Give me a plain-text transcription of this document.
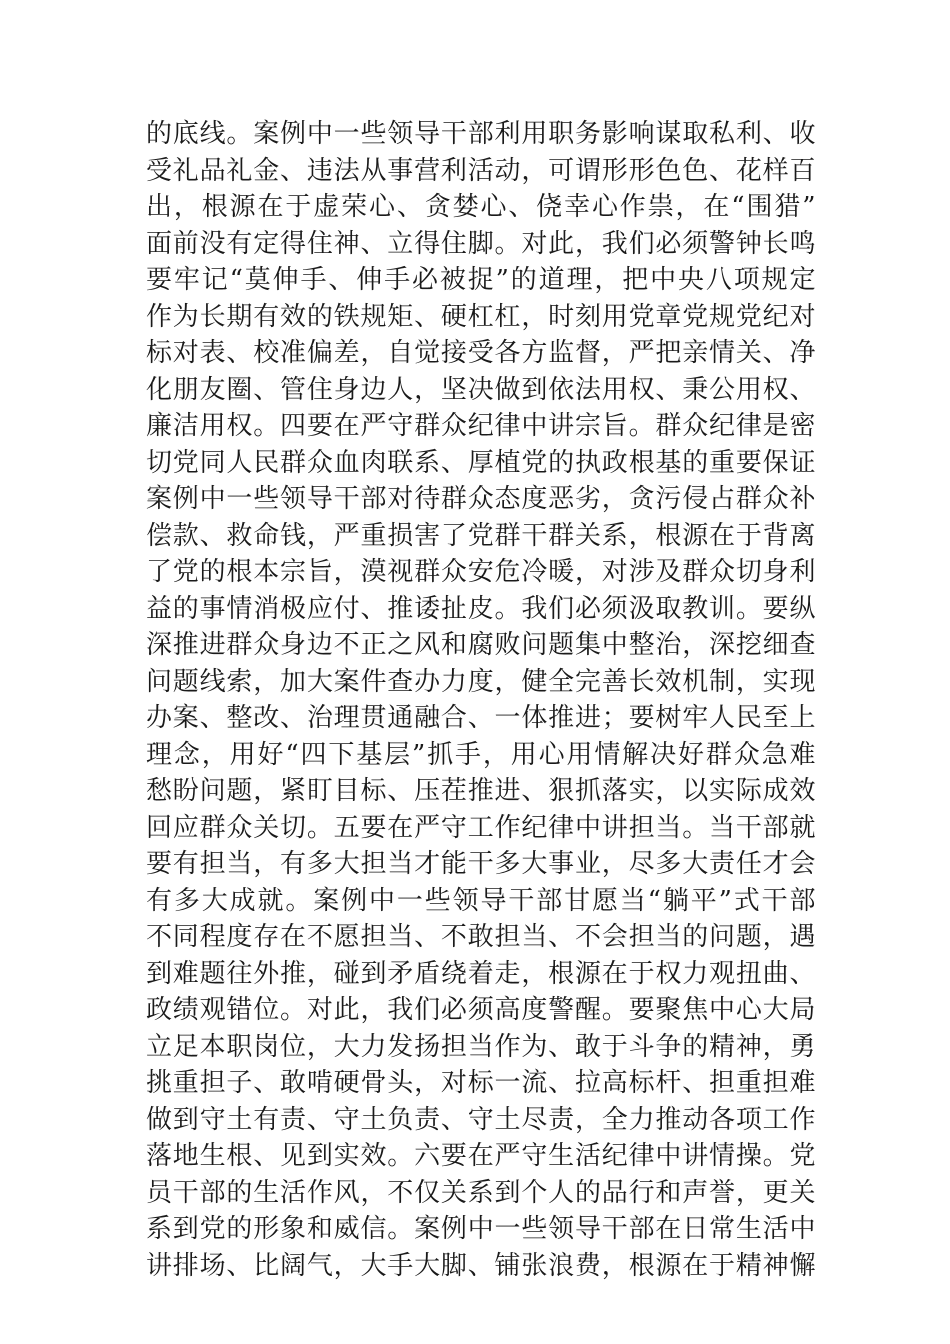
的底线。案例中一些领导干部利用职务影响谋取私利、收
受礼品礼金、违法从事营利活动，可谓形形色色、花样百
出，根源在于虚荣心、贪婪心、侥幸心作祟，在“围猎”
面前没有定得住神、立得住脚。对此，我们必须警钟长鸣
要牢记“莫伸手、伸手必被捉”的道理，把中央八项规定
作为长期有效的铁规矩、硬杠杠，时刻用党章党规党纪对
标对表、校准偏差，自觉接受各方监督，严把亲情关、净
化朋友圈、管住身边人，坚决做到依法用权、秉公用权、
廉洁用权。四要在严守群众纪律中讲宗旨。群众纪律是密
切党同人民群众血肉联系、厚植党的执政根基的重要保证
案例中一些领导干部对待群众态度恶劣，贪污侵占群众补
偿款、救命钱，严重损害了党群干群关系，根源在于背离
了党的根本宗旨，漠视群众安危冷暖，对涉及群众切身利
益的事情消极应付、推诿扯皮。我们必须汲取教训。要纵
深推进群众身边不正之风和腐败问题集中整治，深挖细查
问题线索，加大案件查办力度，健全完善长效机制，实现
办案、整改、治理贯通融合、一体推进；要树牢人民至上
理念，用好“四下基层”抓手，用心用情解决好群众急难
愁盼问题，紧盯目标、压茬推进、狠抓落实，以实际成效
回应群众关切。五要在严守工作纪律中讲担当。当干部就
要有担当，有多大担当才能干多大事业，尽多大责任才会
有多大成就。案例中一些领导干部甘愿当“躺平”式干部
不同程度存在不愿担当、不敢担当、不会担当的问题，遇
到难题往外推，碰到矛盾绕着走，根源在于权力观扭曲、
政绩观错位。对此，我们必须高度警醒。要聚焦中心大局
立足本职岗位，大力发扬担当作为、敢于斗争的精神，勇
挑重担子、敢啃硬骨头，对标一流、拉高标杆、担重担难
做到守土有责、守土负责、守土尽责，全力推动各项工作
落地生根、见到实效。六要在严守生活纪律中讲情操。党
员干部的生活作风，不仅关系到个人的品行和声誉，更关
系到党的形象和威信。案例中一些领导干部在日常生活中
讲排场、比阔气，大手大脚、铺张浪费，根源在于精神懈
